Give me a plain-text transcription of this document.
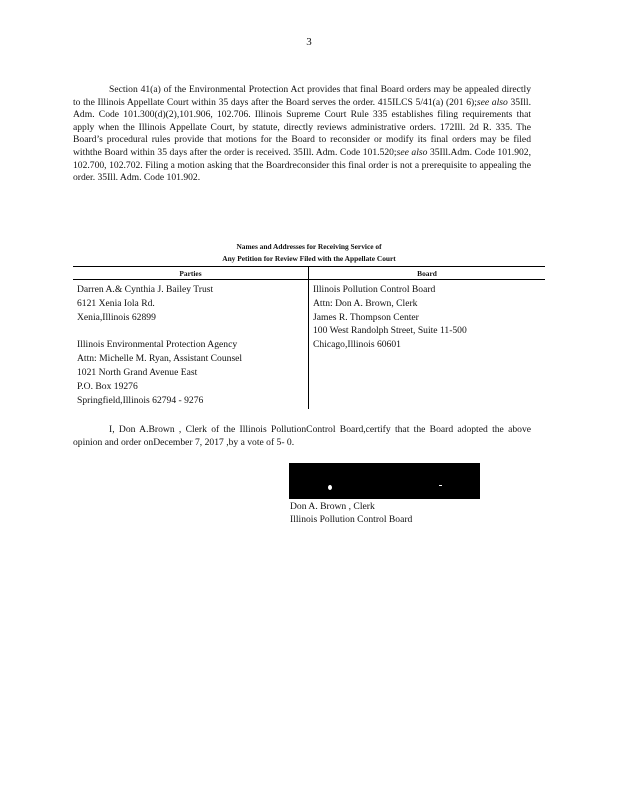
3
Section 41(a) of the Environmental Protection Act provides that final Board orders may be appealed directly to the Illinois Appellate Court within 35 days after the Board serves the order. 415ILCS 5/41(a) (201 6);see also 35Ill. Adm. Code 101.300(d)(2),101.906, 102.706. Illinois Supreme Court Rule 335 establishes filing requirements that apply when the Illinois Appellate Court, by statute, directly reviews administrative orders. 172Ill. 2d R. 335. The Board’s procedural rules provide that motions for the Board to reconsider or modify its final orders may be filed withthe Board within 35 days after the order is received. 35Ill. Adm. Code 101.520;see also 35Ill.Adm. Code 101.902, 102.700, 102.702. Filing a motion asking that the Boardreconsider this final order is not a prerequisite to appealing the order. 35Ill. Adm. Code 101.902.
Names and Addresses for Receiving Service of
Any Petition for Review Filed with the Appellate Court
Parties	Board
Darren A.& Cynthia J. Bailey Trust
6121 Xenia Iola Rd.
Xenia,Illinois 62899
Illinois Environmental Protection Agency
Attn: Michelle M. Ryan, Assistant Counsel
1021 North Grand Avenue East
P.O. Box 19276
Springfield,Illinois 62794 - 9276
Illinois Pollution Control Board
Attn: Don A. Brown, Clerk
James R. Thompson Center
100 West Randolph Street, Suite 11-500
Chicago,Illinois 60601
I, Don A.Brown , Clerk of the Illinois PollutionControl Board,certify that the Board adopted the above opinion and order onDecember 7, 2017 ,by a vote of 5- 0.
Don A. Brown , Clerk
Illinois Pollution Control Board
